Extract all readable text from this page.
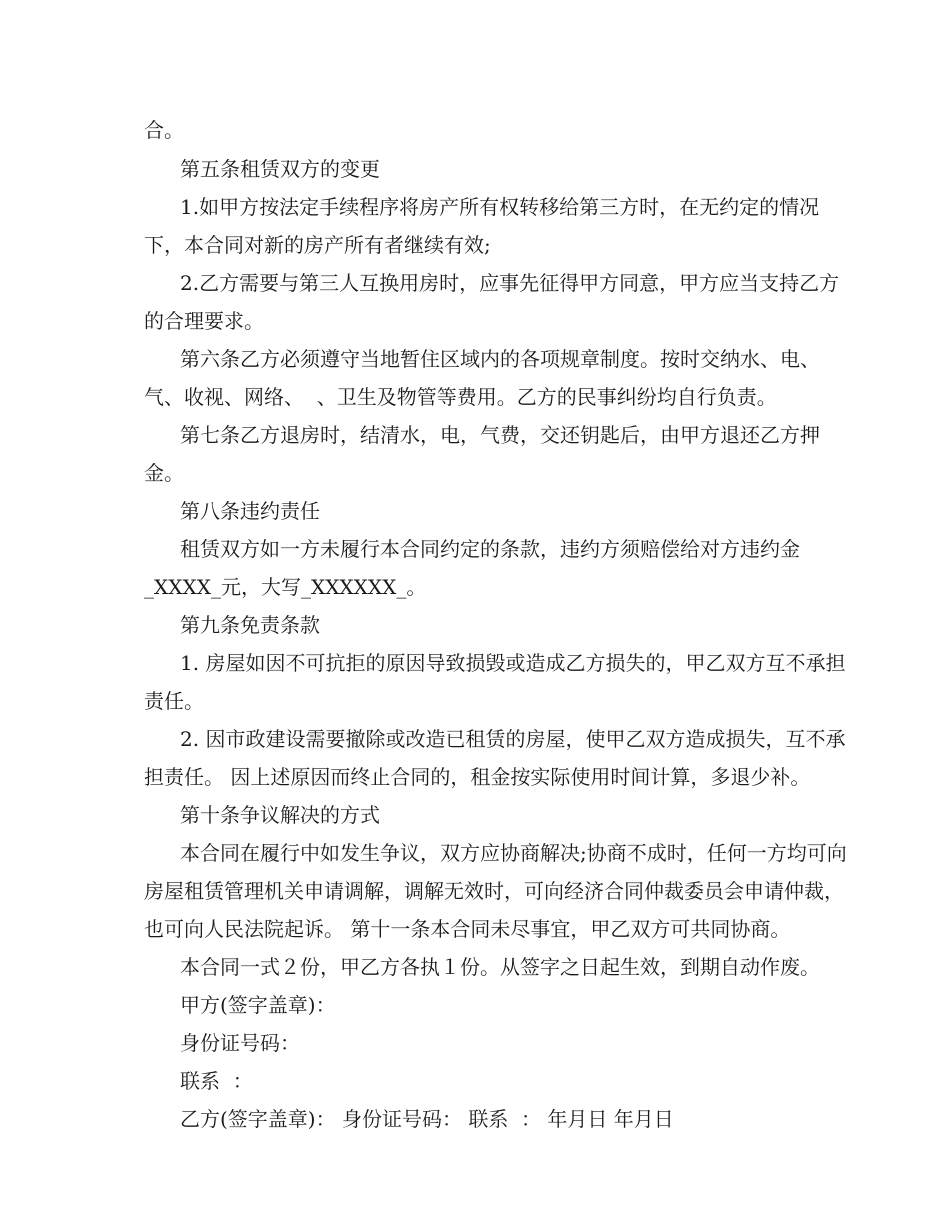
合。
第五条租赁双方的变更
1.如甲方按法定手续程序将房产所有权转移给第三方时，在无约定的情况
下，本合同对新的房产所有者继续有效;
2.乙方需要与第三人互换用房时，应事先征得甲方同意，甲方应当支持乙方
的合理要求。
第六条乙方必须遵守当地暂住区域内的各项规章制度。按时交纳水、电、
气、收视、网络、  、卫生及物管等费用。乙方的民事纠纷均自行负责。
第七条乙方退房时，结清水，电，气费，交还钥匙后，由甲方退还乙方押
金。
第八条违约责任
租赁双方如一方未履行本合同约定的条款，违约方须赔偿给对方违约金
_XXXX_元，大写_XXXXXX_。
第九条免责条款
1. 房屋如因不可抗拒的原因导致损毁或造成乙方损失的，甲乙双方互不承担
责任。
2. 因市政建设需要撤除或改造已租赁的房屋，使甲乙双方造成损失，互不承
担责任。 因上述原因而终止合同的，租金按实际使用时间计算，多退少补。
第十条争议解决的方式
本合同在履行中如发生争议，双方应协商解决;协商不成时，任何一方均可向
房屋租赁管理机关申请调解，调解无效时，可向经济合同仲裁委员会申请仲裁，
也可向人民法院起诉。 第十一条本合同未尽事宜，甲乙双方可共同协商。
本合同一式２份，甲乙方各执１份。从签字之日起生效，到期自动作废。
甲方(签字盖章)：
身份证号码：
联系  ：
乙方(签字盖章)： 身份证号码： 联系  ： 年月日 年月日
